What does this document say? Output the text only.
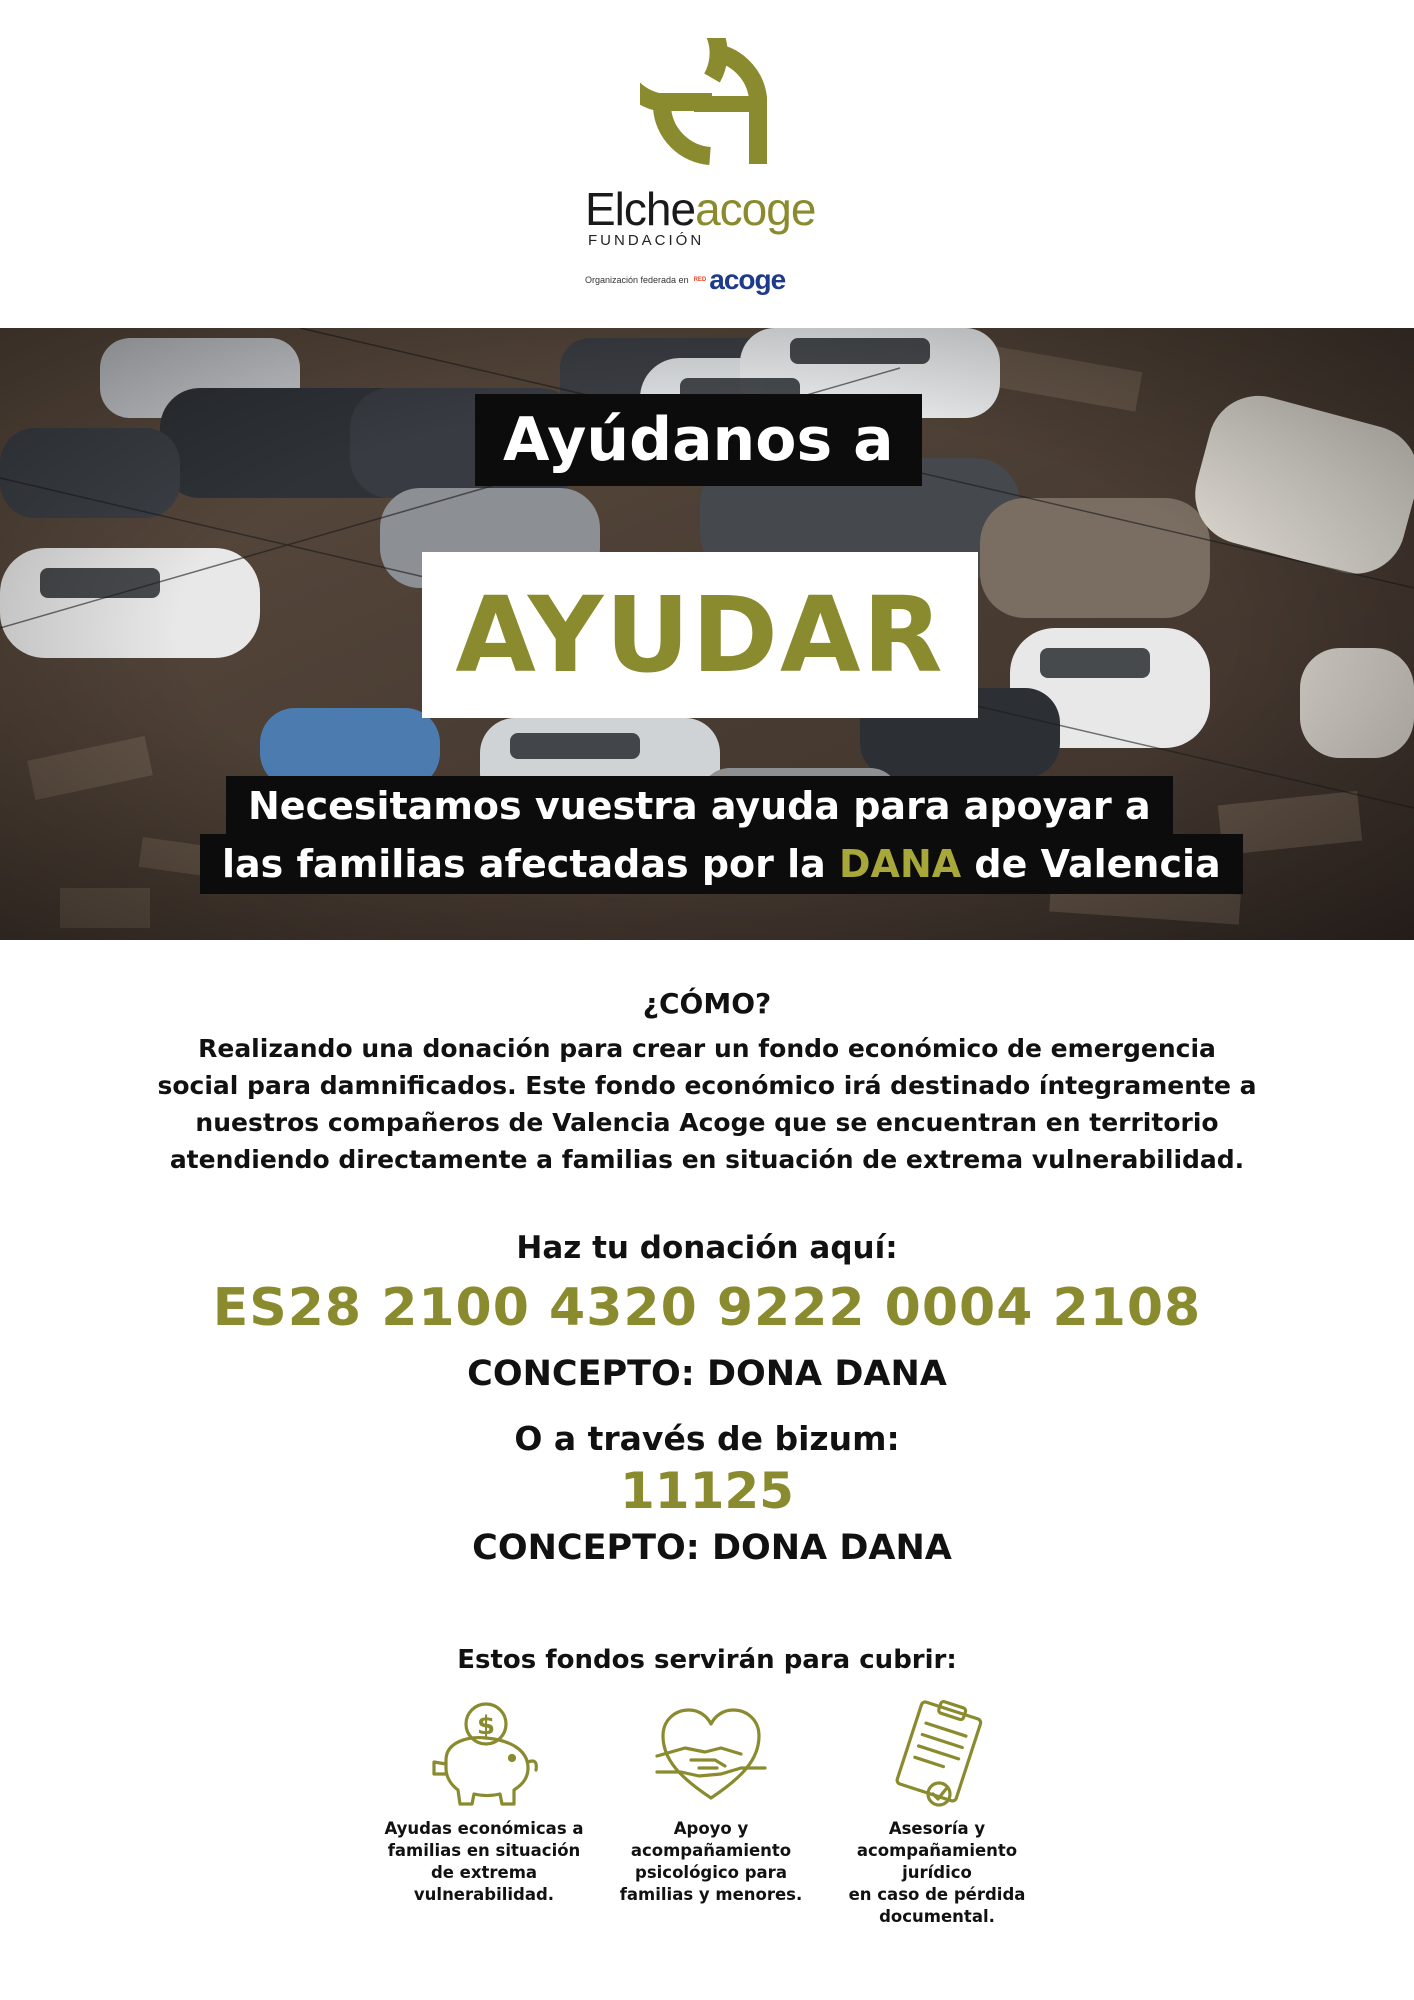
Elcheacoge
FUNDACIÓN
Organización federada en RED acoge
Ayúdanos a
AYUDAR
Necesitamos vuestra ayuda para apoyar a
las familias afectadas por la DANA de Valencia
¿CÓMO?
Realizando una donación para crear un fondo económico de emergencia social para damnificados. Este fondo económico irá destinado íntegramente a nuestros compañeros de Valencia Acoge que se encuentran en territorio atendiendo directamente a familias en situación de extrema vulnerabilidad.
Haz tu donación aquí:
ES28 2100 4320 9222 0004 2108
CONCEPTO: DONA DANA
O a través de bizum:
11125
CONCEPTO: DONA DANA
Estos fondos servirán para cubrir:
$
Ayudas económicas a
familias en situación
de extrema
vulnerabilidad.
Apoyo y
acompañamiento
psicológico para
familias y menores.
Asesoría y
acompañamiento jurídico
en caso de pérdida
documental.
